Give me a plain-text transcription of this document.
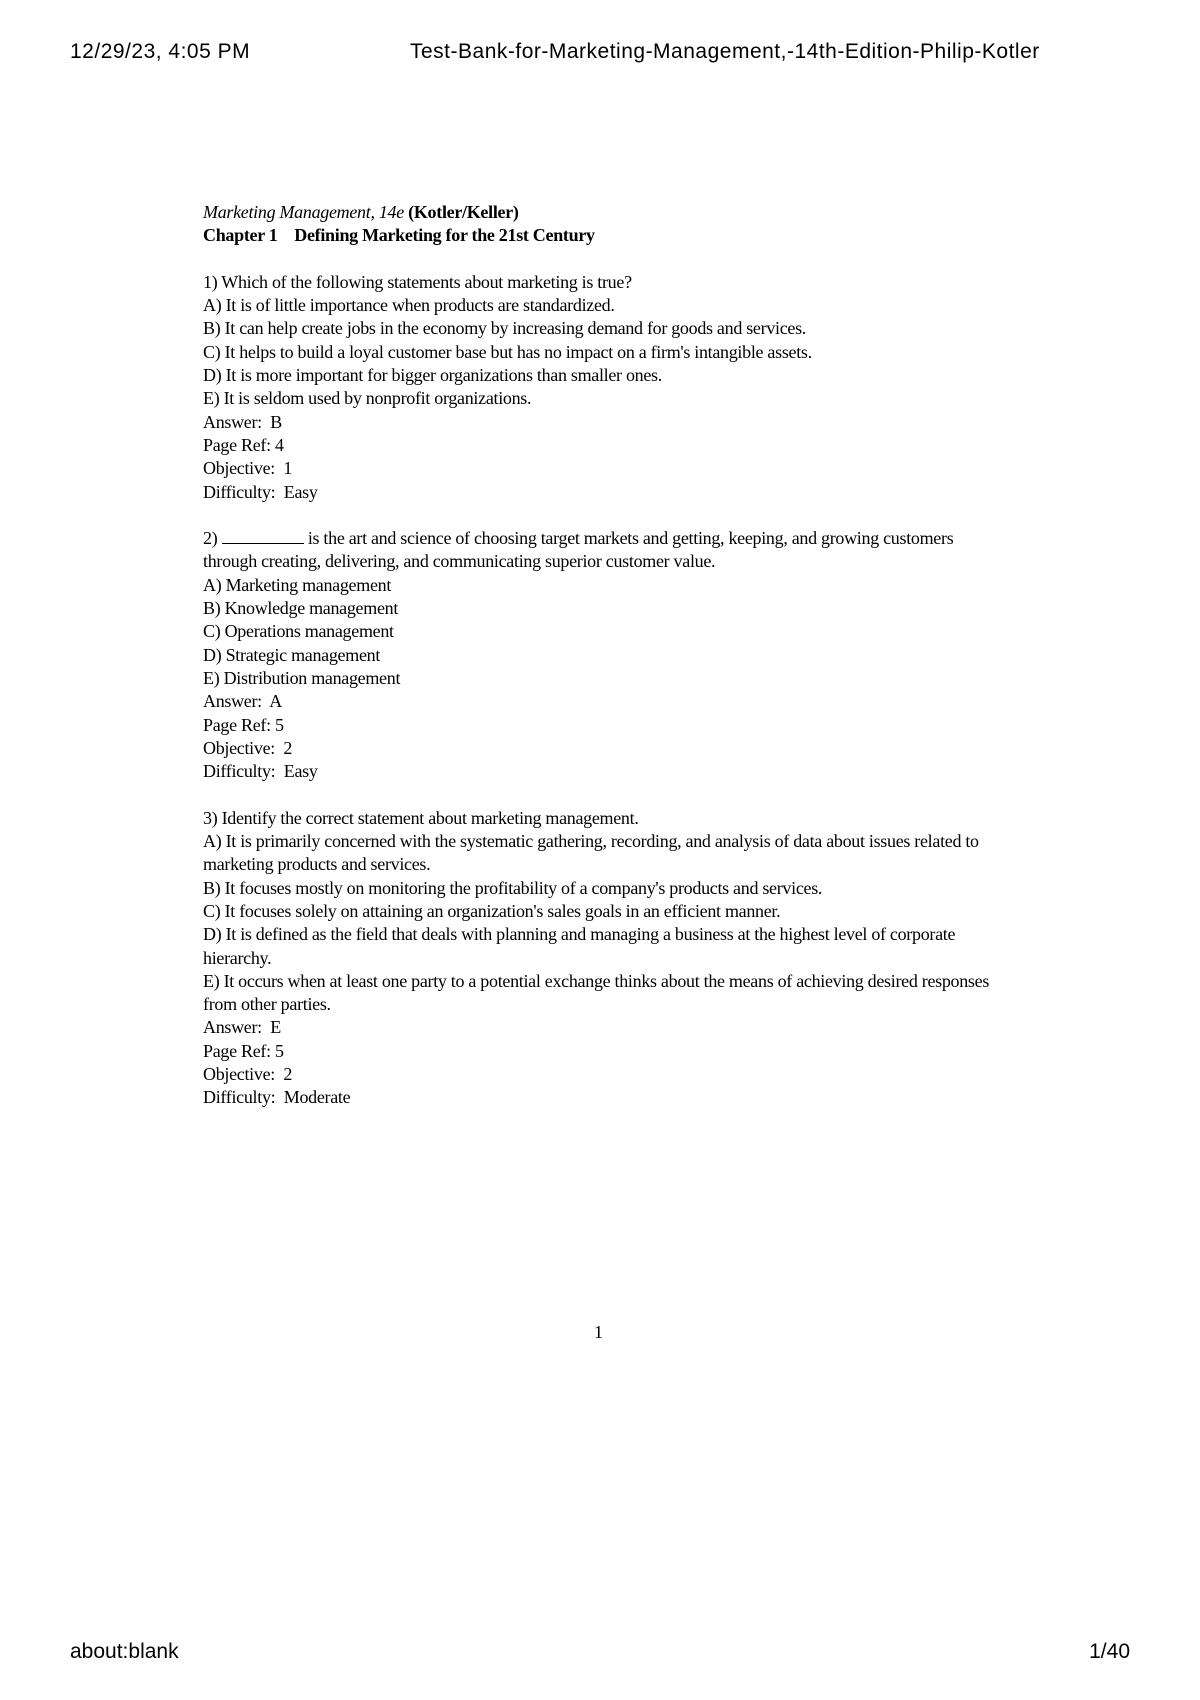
12/29/23, 4:05 PM	Test-Bank-for-Marketing-Management,-14th-Edition-Philip-Kotler
Marketing Management, 14e (Kotler/Keller)
Chapter 1    Defining Marketing for the 21st Century
1) Which of the following statements about marketing is true?
A) It is of little importance when products are standardized.
B) It can help create jobs in the economy by increasing demand for goods and services.
C) It helps to build a loyal customer base but has no impact on a firm's intangible assets.
D) It is more important for bigger organizations than smaller ones.
E) It is seldom used by nonprofit organizations.
Answer:  B
Page Ref: 4
Objective:  1
Difficulty:  Easy
2)	is the art and science of choosing target markets and getting, keeping, and growing customers through creating, delivering, and communicating superior customer value.
A) Marketing management
B) Knowledge management
C) Operations management
D) Strategic management
E) Distribution management
Answer:  A
Page Ref: 5
Objective:  2
Difficulty:  Easy
3) Identify the correct statement about marketing management.
A) It is primarily concerned with the systematic gathering, recording, and analysis of data about issues related to marketing products and services.
B) It focuses mostly on monitoring the profitability of a company's products and services.
C) It focuses solely on attaining an organization's sales goals in an efficient manner.
D) It is defined as the field that deals with planning and managing a business at the highest level of corporate hierarchy.
E) It occurs when at least one party to a potential exchange thinks about the means of achieving desired responses from other parties.
Answer:  E
Page Ref: 5
Objective:  2
Difficulty:  Moderate
1
about:blank	1/40
